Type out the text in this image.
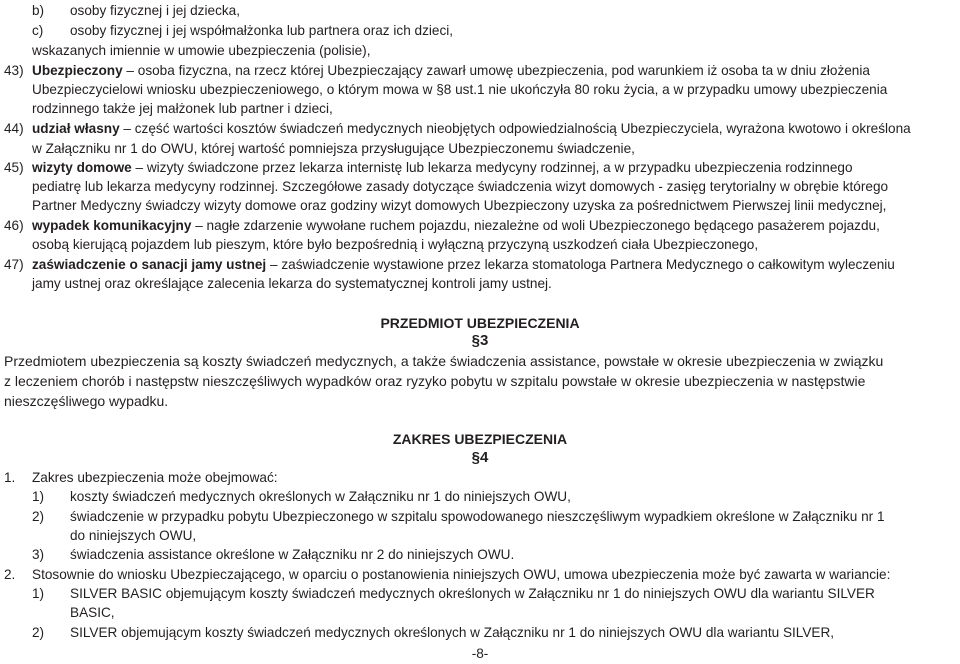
b) osoby fizycznej i jej dziecka,
c) osoby fizycznej i jej współmałżonka lub partnera oraz ich dzieci,
wskazanych imiennie w umowie ubezpieczenia (polisie),
43) Ubezpieczony – osoba fizyczna, na rzecz której Ubezpieczający zawarł umowę ubezpieczenia, pod warunkiem iż osoba ta w dniu złożenia
Ubezpieczycielowi wniosku ubezpieczeniowego, o którym mowa w §8 ust.1 nie ukończyła 80 roku życia, a w przypadku umowy ubezpieczenia
rodzinnego także jej małżonek lub partner i dzieci,
44) udział własny – część wartości kosztów świadczeń medycznych nieobjętych odpowiedzialnością Ubezpieczyciela, wyrażona kwotowo i określona
w Załączniku nr 1 do OWU, której wartość pomniejsza przysługujące Ubezpieczonemu świadczenie,
45) wizyty domowe – wizyty świadczone przez lekarza internistę lub lekarza medycyny rodzinnej, a w przypadku ubezpieczenia rodzinnego
pediatrę lub lekarza medycyny rodzinnej. Szczegółowe zasady dotyczące świadczenia wizyt domowych - zasięg terytorialny w obrębie którego
Partner Medyczny świadczy wizyty domowe oraz godziny wizyt domowych Ubezpieczony uzyska za pośrednictwem Pierwszej linii medycznej,
46) wypadek komunikacyjny – nagłe zdarzenie wywołane ruchem pojazdu, niezależne od woli Ubezpieczonego będącego pasażerem pojazdu,
osobą kierującą pojazdem lub pieszym, które było bezpośrednią i wyłączną przyczyną uszkodzeń ciała Ubezpieczonego,
47) zaświadczenie o sanacji jamy ustnej – zaświadczenie wystawione przez lekarza stomatologa Partnera Medycznego o całkowitym wyleczeniu
jamy ustnej oraz określające zalecenia lekarza do systematycznej kontroli jamy ustnej.
PRZEDMIOT UBEZPIECZENIA
§3
Przedmiotem ubezpieczenia są koszty świadczeń medycznych, a także świadczenia assistance, powstałe w okresie ubezpieczenia w związku
z leczeniem chorób i następstw nieszczęśliwych wypadków oraz ryzyko pobytu w szpitalu powstałe w okresie ubezpieczenia w następstwie
nieszczęśliwego wypadku.
ZAKRES UBEZPIECZENIA
§4
1. Zakres ubezpieczenia może obejmować:
1) koszty świadczeń medycznych określonych w Załączniku nr 1 do niniejszych OWU,
2) świadczenie w przypadku pobytu Ubezpieczonego w szpitalu spowodowanego nieszczęśliwym wypadkiem określone w Załączniku nr 1
do niniejszych OWU,
3) świadczenia assistance określone w Załączniku nr 2 do niniejszych OWU.
2. Stosownie do wniosku Ubezpieczającego, w oparciu o postanowienia niniejszych OWU, umowa ubezpieczenia może być zawarta w wariancie:
1) SILVER BASIC objemującym koszty świadczeń medycznych określonych w Załączniku nr 1 do niniejszych OWU dla wariantu SILVER
BASIC,
2) SILVER objemującym koszty świadczeń medycznych określonych w Załączniku nr 1 do niniejszych OWU dla wariantu SILVER,
-8-
